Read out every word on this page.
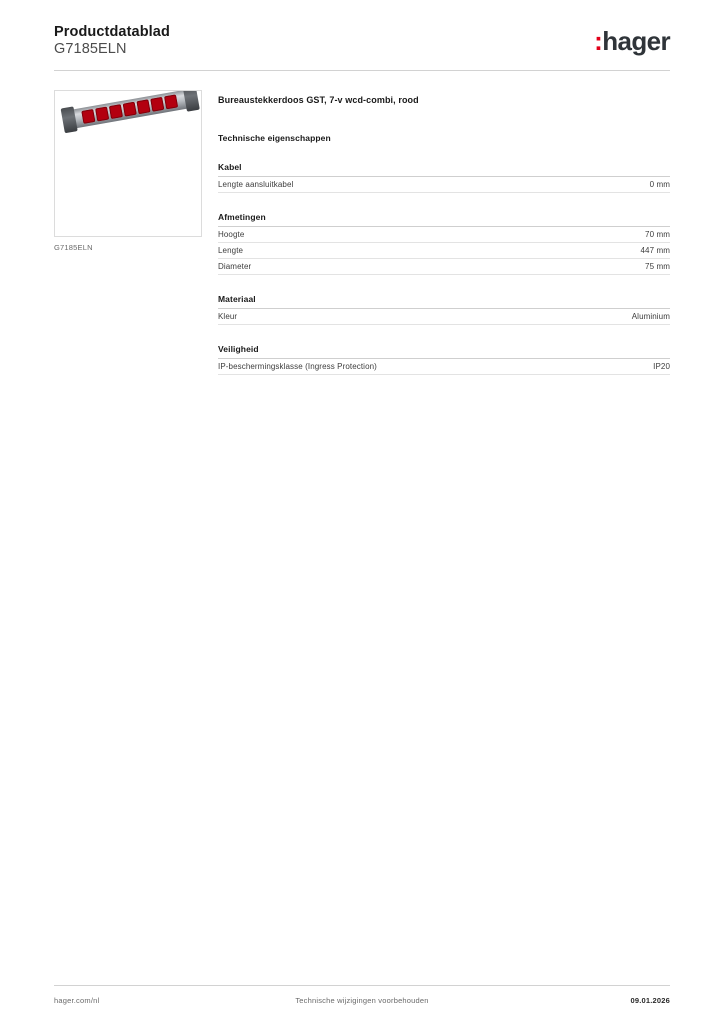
Productdatablad
G7185ELN	:hager
G7185ELN
Bureaustekkerdoos GST, 7-v wcd-combi, rood
Technische eigenschappen
Kabel
Lengte aansluitkabel	0 mm
Afmetingen
Hoogte	70 mm
Lengte	447 mm
Diameter	75 mm
Materiaal
Kleur	Aluminium
Veiligheid
IP-beschermingsklasse (Ingress Protection)	IP20
hager.com/nl	Technische wijzigingen voorbehouden	09.01.2026
